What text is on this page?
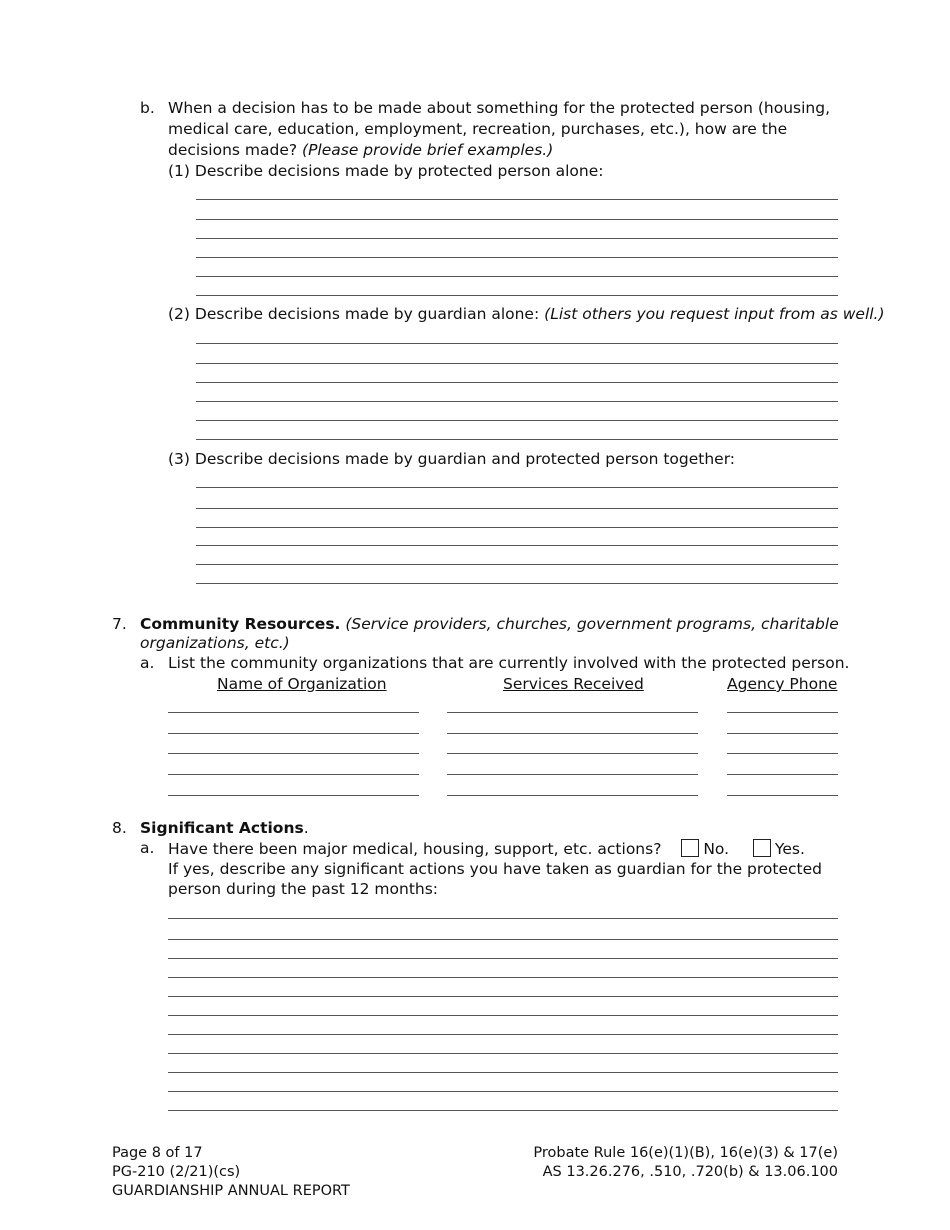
b. When a decision has to be made about something for the protected person (housing,
medical care, education, employment, recreation, purchases, etc.), how are the
decisions made? (Please provide brief examples.)
(1) Describe decisions made by protected person alone:
(2) Describe decisions made by guardian alone: (List others you request input from as well.)
(3) Describe decisions made by guardian and protected person together:
7. Community Resources. (Service providers, churches, government programs, charitable
organizations, etc.)
a. List the community organizations that are currently involved with the protected person.
Name of Organization	Services Received	Agency Phone
8. Significant Actions.
a. Have there been major medical, housing, support, etc. actions?	No.	Yes.
If yes, describe any significant actions you have taken as guardian for the protected
person during the past 12 months:
Page 8 of 17
PG-210 (2/21)(cs)
GUARDIANSHIP ANNUAL REPORT
Probate Rule 16(e)(1)(B), 16(e)(3) & 17(e)
AS 13.26.276, .510, .720(b) & 13.06.100
